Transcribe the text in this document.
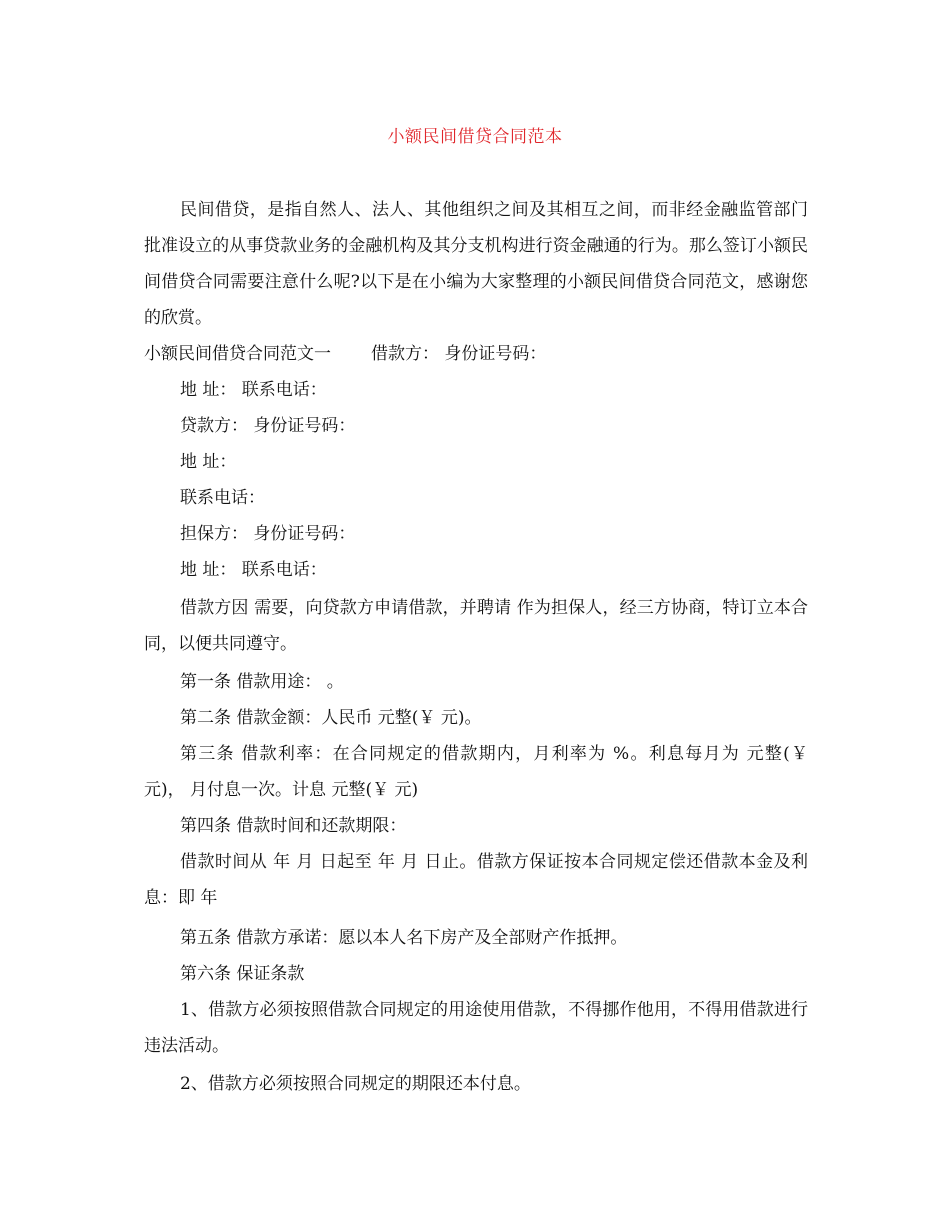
小额民间借贷合同范本

民间借贷，是指自然人、法人、其他组织之间及其相互之间，而非经金融监管部门批准设立的从事贷款业务的金融机构及其分支机构进行资金融通的行为。那么签订小额民间借贷合同需要注意什么呢?以下是在小编为大家整理的小额民间借贷合同范文，感谢您的欣赏。

小额民间借贷合同范文一 借款方： 身份证号码：

地 址： 联系电话：

贷款方： 身份证号码：

地 址：

联系电话：

担保方： 身份证号码：

地 址： 联系电话：

借款方因 需要，向贷款方申请借款，并聘请 作为担保人，经三方协商，特订立本合同，以便共同遵守。

第一条 借款用途： 。

第二条 借款金额：人民币 元整(￥ 元)。

第三条 借款利率：在合同规定的借款期内，月利率为 %。利息每月为 元整(￥ 元)， 月付息一次。计息 元整(￥ 元)

第四条 借款时间和还款期限：

借款时间从 年 月 日起至 年 月 日止。借款方保证按本合同规定偿还借款本金及利息：即 年

第五条 借款方承诺：愿以本人名下房产及全部财产作抵押。

第六条 保证条款

1、借款方必须按照借款合同规定的用途使用借款，不得挪作他用，不得用借款进行违法活动。

2、借款方必须按照合同规定的期限还本付息。
